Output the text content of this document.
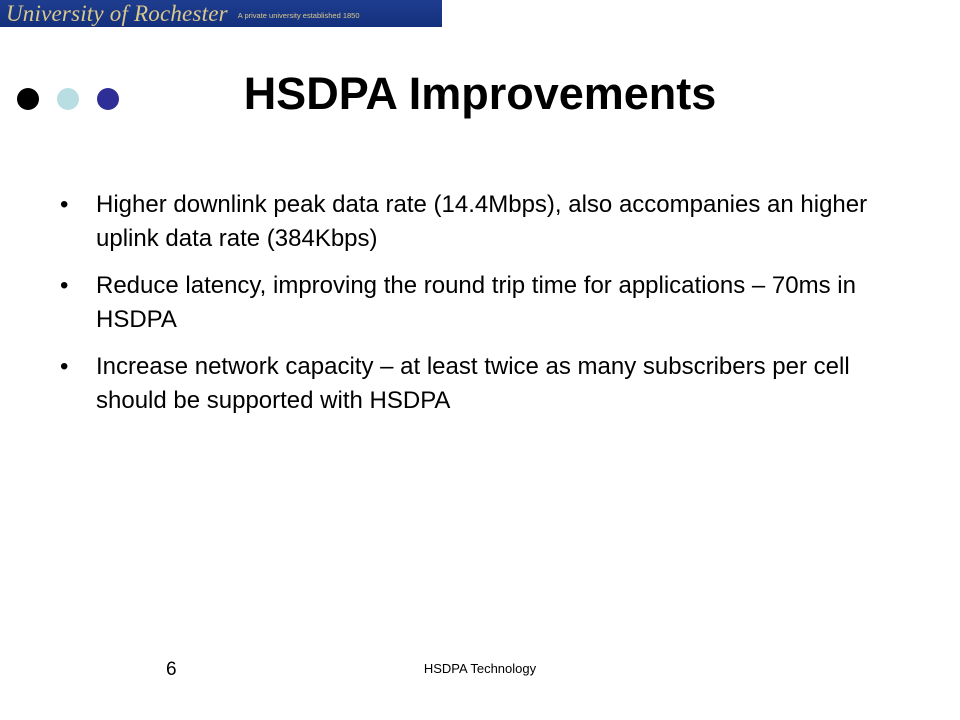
University of Rochester A private university established 1850
HSDPA Improvements
• Higher downlink peak data rate (14.4Mbps), also accompanies an higher uplink data rate (384Kbps)
• Reduce latency, improving the round trip time for applications – 70ms in HSDPA
• Increase network capacity – at least twice as many subscribers per cell should be supported with HSDPA
6	HSDPA Technology
